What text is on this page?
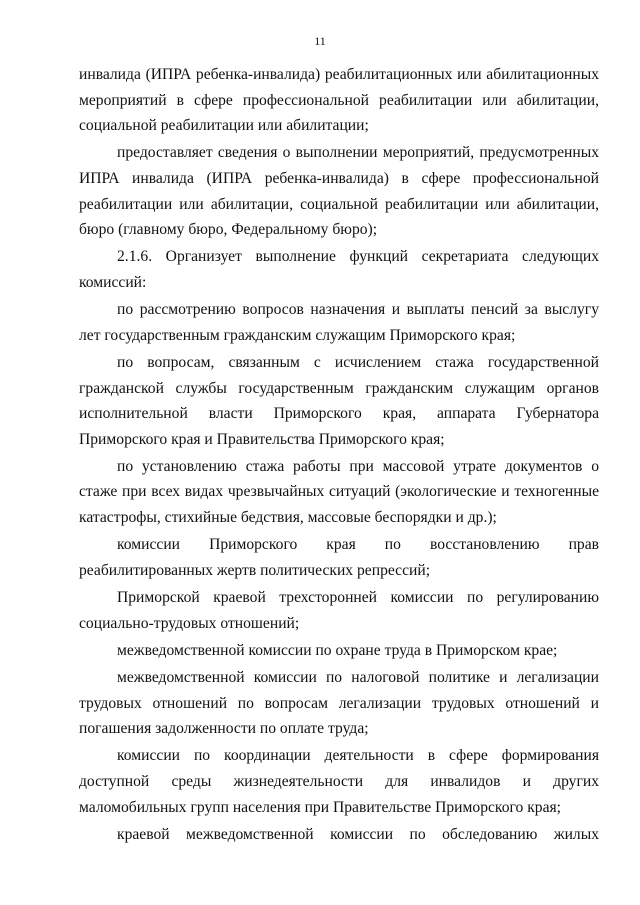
11

инвалида (ИПРА ребенка-инвалида) реабилитационных или абилитационных мероприятий в сфере профессиональной реабилитации или абилитации, социальной реабилитации или абилитации;

предоставляет сведения о выполнении мероприятий, предусмотренных ИПРА инвалида (ИПРА ребенка-инвалида) в сфере профессиональной реабилитации или абилитации, социальной реабилитации или абилитации, бюро (главному бюро, Федеральному бюро);

2.1.6. Организует выполнение функций секретариата следующих комиссий:

по рассмотрению вопросов назначения и выплаты пенсий за выслугу лет государственным гражданским служащим Приморского края;

по вопросам, связанным с исчислением стажа государственной гражданской службы государственным гражданским служащим органов исполнительной власти Приморского края, аппарата Губернатора Приморского края и Правительства Приморского края;

по установлению стажа работы при массовой утрате документов о стаже при всех видах чрезвычайных ситуаций (экологические и техногенные катастрофы, стихийные бедствия, массовые беспорядки и др.);

комиссии Приморского края по восстановлению прав реабилитированных жертв политических репрессий;

Приморской краевой трехсторонней комиссии по регулированию социально-трудовых отношений;

межведомственной комиссии по охране труда в Приморском крае;

межведомственной комиссии по налоговой политике и легализации трудовых отношений по вопросам легализации трудовых отношений и погашения задолженности по оплате труда;

комиссии по координации деятельности в сфере формирования доступной среды жизнедеятельности для инвалидов и других маломобильных групп населения при Правительстве Приморского края;

краевой межведомственной комиссии по обследованию жилых
